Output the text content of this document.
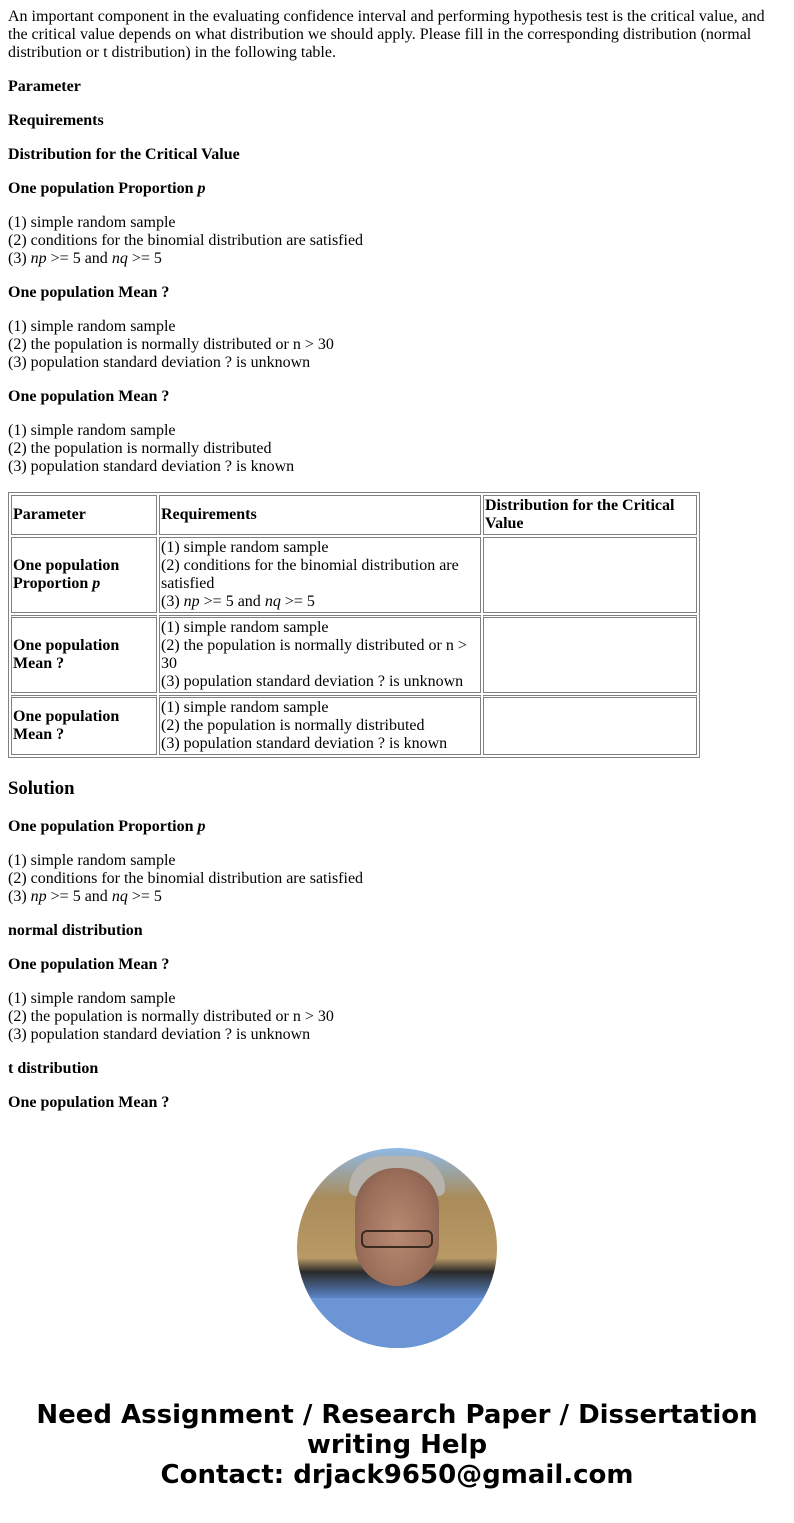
An important component in the evaluating confidence interval and performing hypothesis test is the critical value, and the critical value depends on what distribution we should apply. Please fill in the corresponding distribution (normal distribution or t distribution) in the following table.

Parameter

Requirements

Distribution for the Critical Value

One population Proportion p

(1) simple random sample
(2) conditions for the binomial distribution are satisfied
(3) np >= 5 and nq >= 5

One population Mean ?

(1) simple random sample
(2) the population is normally distributed or n > 30
(3) population standard deviation ? is unknown

One population Mean ?

(1) simple random sample
(2) the population is normally distributed
(3) population standard deviation ? is known

Parameter	Requirements	Distribution for the Critical Value
One population Proportion p	(1) simple random sample
(2) conditions for the binomial distribution are satisfied
(3) np >= 5 and nq >= 5	

One population Mean ?	(1) simple random sample
(2) the population is normally distributed or n > 30
(3) population standard deviation ? is unknown	

One population Mean ?	(1) simple random sample
(2) the population is normally distributed
(3) population standard deviation ? is known	

Solution

One population Proportion p

(1) simple random sample
(2) conditions for the binomial distribution are satisfied
(3) np >= 5 and nq >= 5

normal distribution

One population Mean ?

(1) simple random sample
(2) the population is normally distributed or n > 30
(3) population standard deviation ? is unknown

t distribution

One population Mean ?

Need Assignment / Research Paper / Dissertation writing Help
Contact: drjack9650@gmail.com
